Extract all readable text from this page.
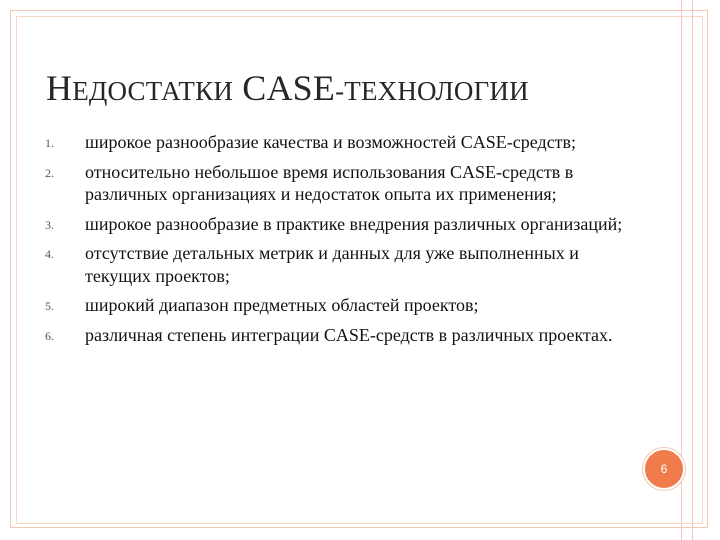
НЕДОСТАТКИ CASE-ТЕХНОЛОГИИ
1. широкое разнообразие качества и возможностей CASE-средств;
2. относительно небольшое время использования CASE-средств в различных организациях и недостаток опыта их применения;
3. широкое разнообразие в практике внедрения различных организаций;
4. отсутствие детальных метрик и данных для уже выполненных и текущих проектов;
5. широкий диапазон предметных областей проектов;
6. различная степень интеграции CASE-средств в различных проектах.
6
